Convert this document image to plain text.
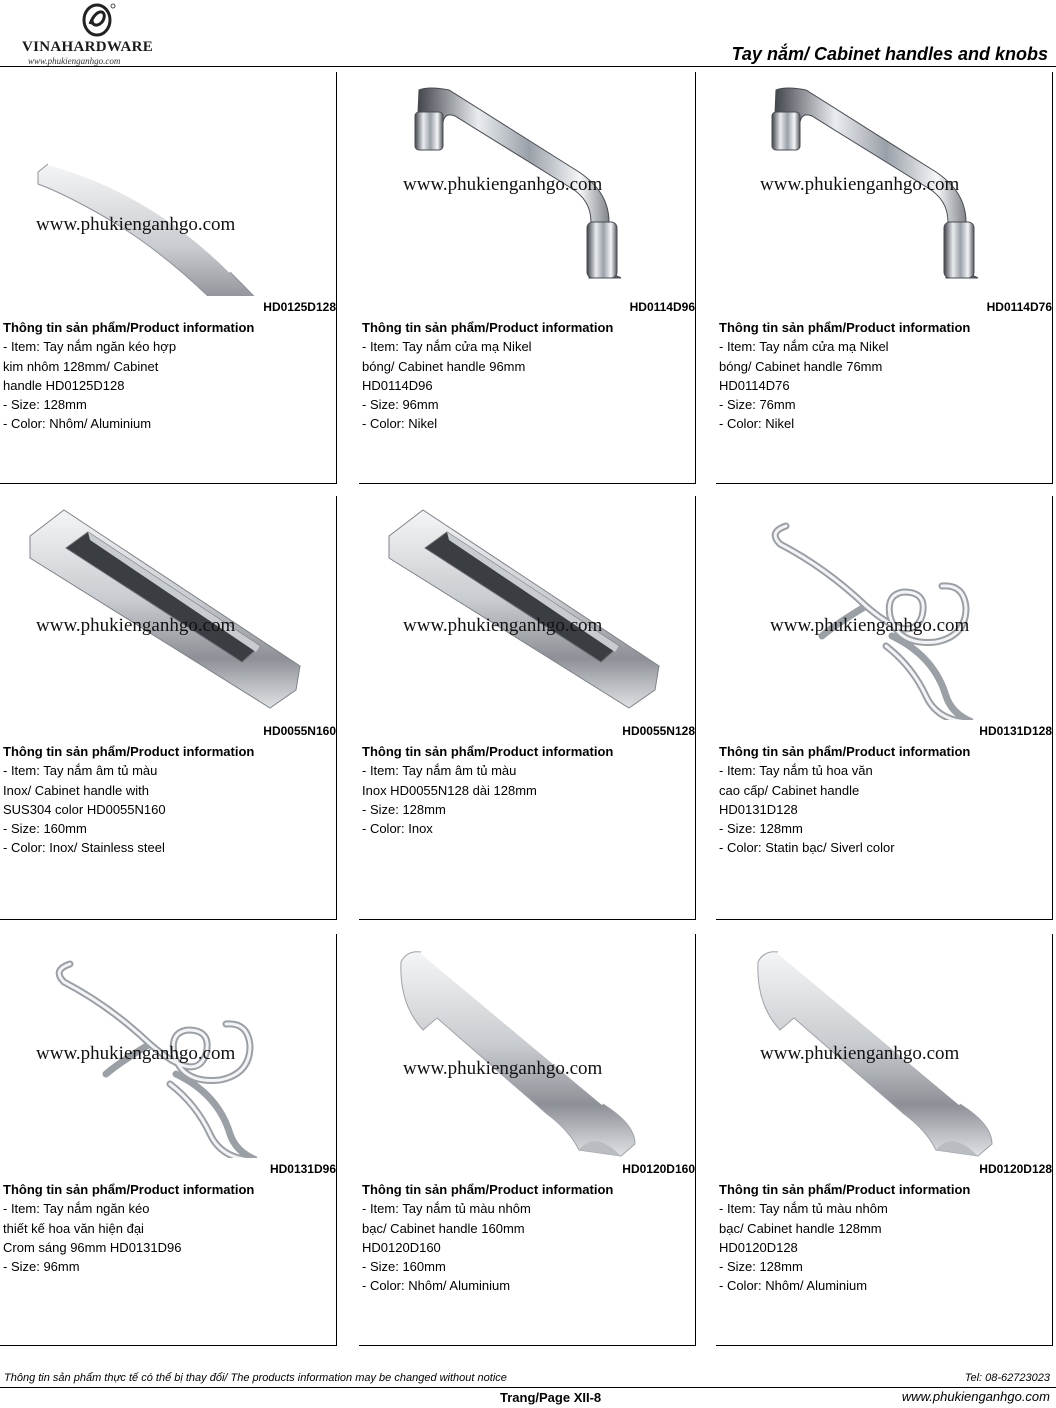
VINAHARDWARE
www.phukienganhgo.com	Tay nắm/ Cabinet handles and knobs
www.phukienganhgo.com
HD0125D128
Thông tin sản phẩm/Product information
- Item: Tay nắm ngăn kéo hợp
kim nhôm 128mm/ Cabinet
handle HD0125D128
- Size: 128mm
- Color: Nhôm/ Aluminium
www.phukienganhgo.com
HD0114D96
Thông tin sản phẩm/Product information
- Item: Tay nắm cửa mạ Nikel
bóng/ Cabinet handle 96mm
HD0114D96
- Size: 96mm
- Color: Nikel
www.phukienganhgo.com
HD0114D76
Thông tin sản phẩm/Product information
- Item: Tay nắm cửa mạ Nikel
bóng/ Cabinet handle 76mm
HD0114D76
- Size: 76mm
- Color: Nikel
www.phukienganhgo.com
HD0055N160
Thông tin sản phẩm/Product information
- Item: Tay nắm âm tủ màu
Inox/ Cabinet handle with
SUS304 color HD0055N160
- Size: 160mm
- Color: Inox/ Stainless steel
www.phukienganhgo.com
HD0055N128
Thông tin sản phẩm/Product information
- Item: Tay nắm âm tủ màu
Inox HD0055N128 dài 128mm
- Size: 128mm
- Color: Inox
www.phukienganhgo.com
HD0131D128
Thông tin sản phẩm/Product information
- Item: Tay nắm tủ hoa văn
cao cấp/ Cabinet handle
HD0131D128
- Size: 128mm
- Color: Statin bạc/ Siverl color
www.phukienganhgo.com
HD0131D96
Thông tin sản phẩm/Product information
- Item: Tay nắm ngăn kéo
thiết kế hoa văn hiện đại
Crom sáng 96mm HD0131D96
- Size: 96mm
www.phukienganhgo.com
HD0120D160
Thông tin sản phẩm/Product information
- Item: Tay nắm tủ màu nhôm
bạc/ Cabinet handle 160mm
HD0120D160
- Size: 160mm
- Color: Nhôm/ Aluminium
www.phukienganhgo.com
HD0120D128
Thông tin sản phẩm/Product information
- Item: Tay nắm tủ màu nhôm
bạc/ Cabinet handle 128mm
HD0120D128
- Size: 128mm
- Color: Nhôm/ Aluminium
Thông tin sản phẩm thực tế có thể bị thay đổi/ The products information may be changed without notice	Tel: 08-62723023
Trang/Page XII-8	www.phukienganhgo.com
